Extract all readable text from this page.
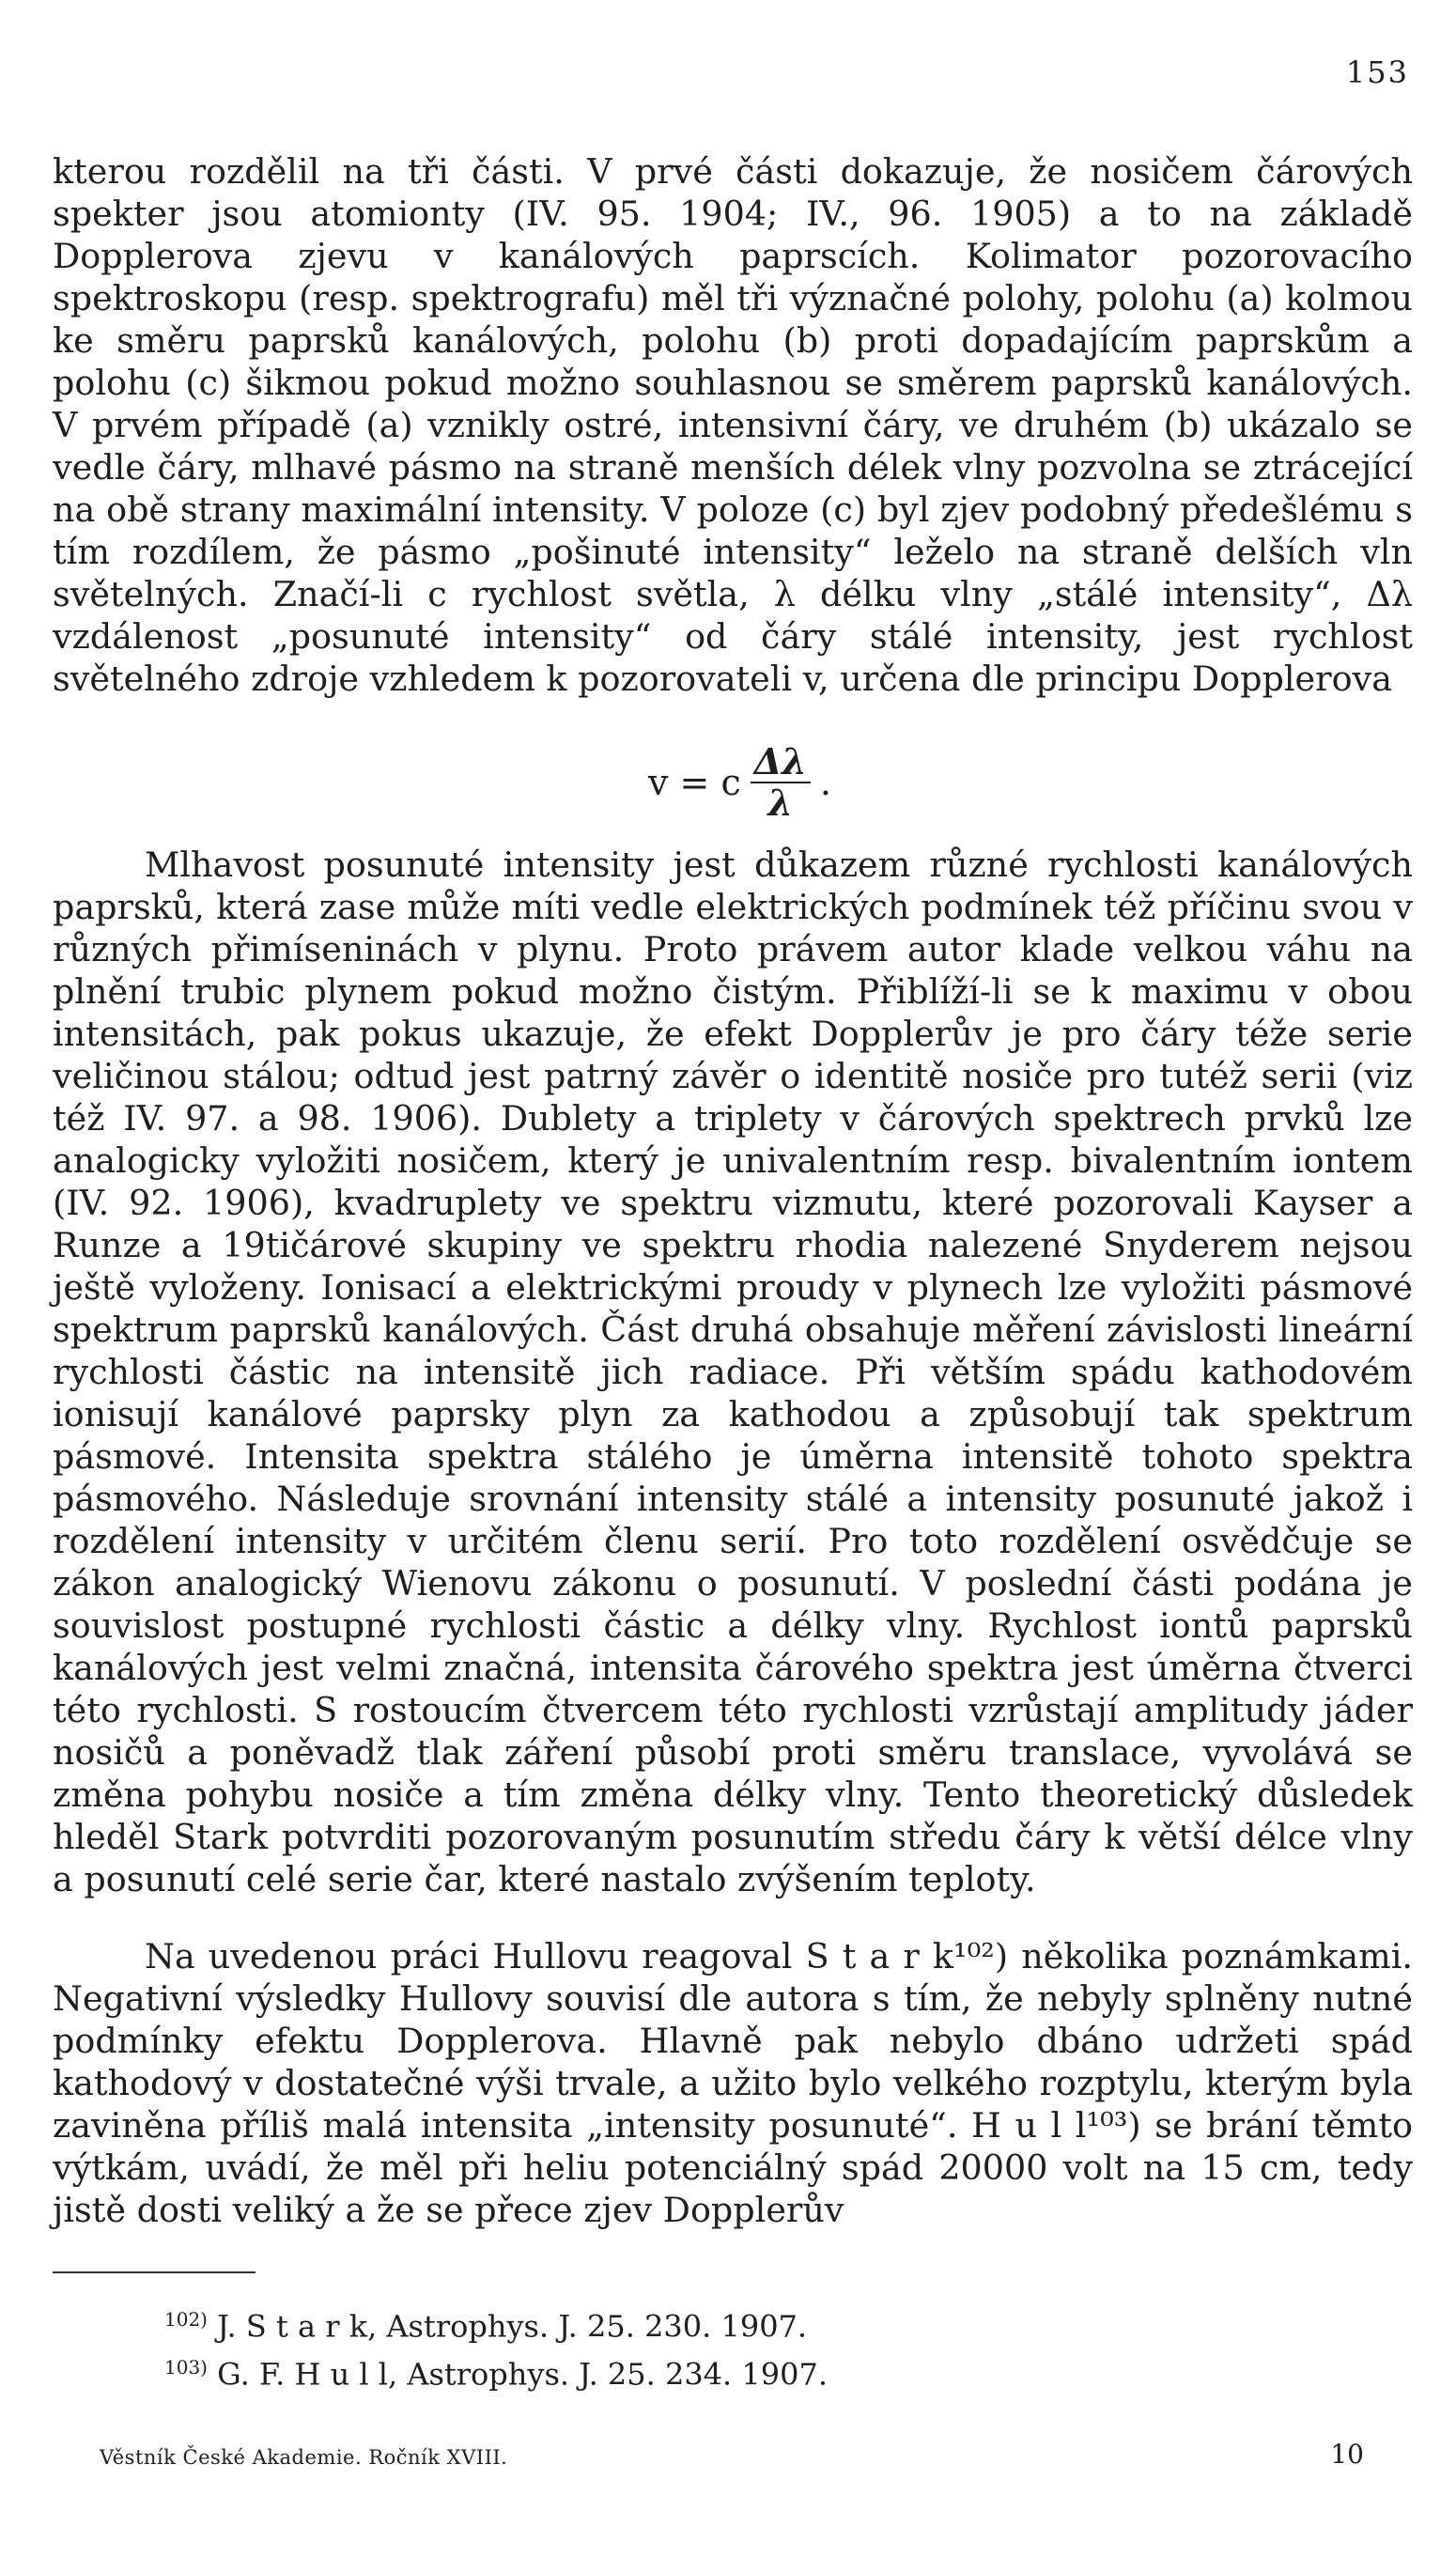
153
kterou rozdělil na tři části. V prvé části dokazuje, že nosičem čárových spekter jsou atomionty (IV. 95. 1904; IV., 96. 1905) a to na základě Dopplerova zjevu v kanálových paprscích. Kolimator pozorovacího spektroskopu (resp. spektrografu) měl tři význačné polohy, polohu (a) kolmou ke směru paprsků kanálových, polohu (b) proti dopadajícím paprskům a polohu (c) šikmou pokud možno souhlasnou se směrem paprsků kanálových. V prvém případě (a) vznikly ostré, intensivní čáry, ve druhém (b) ukázalo se vedle čáry, mlhavé pásmo na straně menších délek vlny pozvolna se ztrácející na obě strany maximální intensity. V poloze (c) byl zjev podobný předešlému s tím rozdílem, že pásmo „pošinuté intensity“ leželo na straně delších vln světelných. Značí-li c rychlost světla, λ délku vlny „stálé intensity“, Δλ vzdálenost „posunuté intensity“ od čáry stálé intensity, jest rychlost světelného zdroje vzhledem k pozorovateli v, určena dle principu Dopplerova
v = c $\frac{\Delta\lambda}{\lambda}$ .
Mlhavost posunuté intensity jest důkazem různé rychlosti kanálových paprsků, která zase může míti vedle elektrických podmínek též příčinu svou v různých přimíseninách v plynu. Proto právem autor klade velkou váhu na plnění trubic plynem pokud možno čistým. Přiblíží-li se k maximu v obou intensitách, pak pokus ukazuje, že efekt Dopplerův je pro čáry téže serie veličinou stálou; odtud jest patrný závěr o identitě nosiče pro tutéž serii (viz též IV. 97. a 98. 1906). Dublety a triplety v čárových spektrech prvků lze analogicky vyložiti nosičem, který je univalentním resp. bivalentním iontem (IV. 92. 1906), kvadruplety ve spektru vizmutu, které pozorovali Kayser a Runze a 19tičárové skupiny ve spektru rhodia nalezené Snyderem nejsou ještě vyloženy. Ionisací a elektrickými proudy v plynech lze vyložiti pásmové spektrum paprsků kanálových. Část druhá obsahuje měření závislosti lineární rychlosti částic na intensitě jich radiace. Při větším spádu kathodovém ionisují kanálové paprsky plyn za kathodou a způsobují tak spektrum pásmové. Intensita spektra stálého je úměrna intensitě tohoto spektra pásmového. Následuje srovnání intensity stálé a intensity posunuté jakož i rozdělení intensity v určitém členu serií. Pro toto rozdělení osvědčuje se zákon analogický Wienovu zákonu o posunutí. V poslední části podána je souvislost postupné rychlosti částic a délky vlny. Rychlost iontů paprsků kanálových jest velmi značná, intensita čárového spektra jest úměrna čtverci této rychlosti. S rostoucím čtvercem této rychlosti vzrůstají amplitudy jáder nosičů a poněvadž tlak záření působí proti směru translace, vyvolává se změna pohybu nosiče a tím změna délky vlny. Tento theoretický důsledek hleděl Stark potvrditi pozorovaným posunutím středu čáry k větší délce vlny a posunutí celé serie čar, které nastalo zvýšením teploty.
Na uvedenou práci Hullovu reagoval S t a r k¹⁰²) několika poznámkami. Negativní výsledky Hullovy souvisí dle autora s tím, že nebyly splněny nutné podmínky efektu Dopplerova. Hlavně pak nebylo dbáno udržeti spád kathodový v dostatečné výši trvale, a užito bylo velkého rozptylu, kterým byla zaviněna příliš malá intensita „intensity posunuté“. H u l l¹⁰³) se brání těmto výtkám, uvádí, že měl při heliu potenciálný spád 20000 volt na 15 cm, tedy jistě dosti veliký a že se přece zjev Dopplerův
$^{102)}$ J. S t a r k, Astrophys. J. 25. 230. 1907.
$^{103)}$ G. F. H u l l, Astrophys. J. 25. 234. 1907.
Věstník České Akademie. Ročník XVIII.	10
